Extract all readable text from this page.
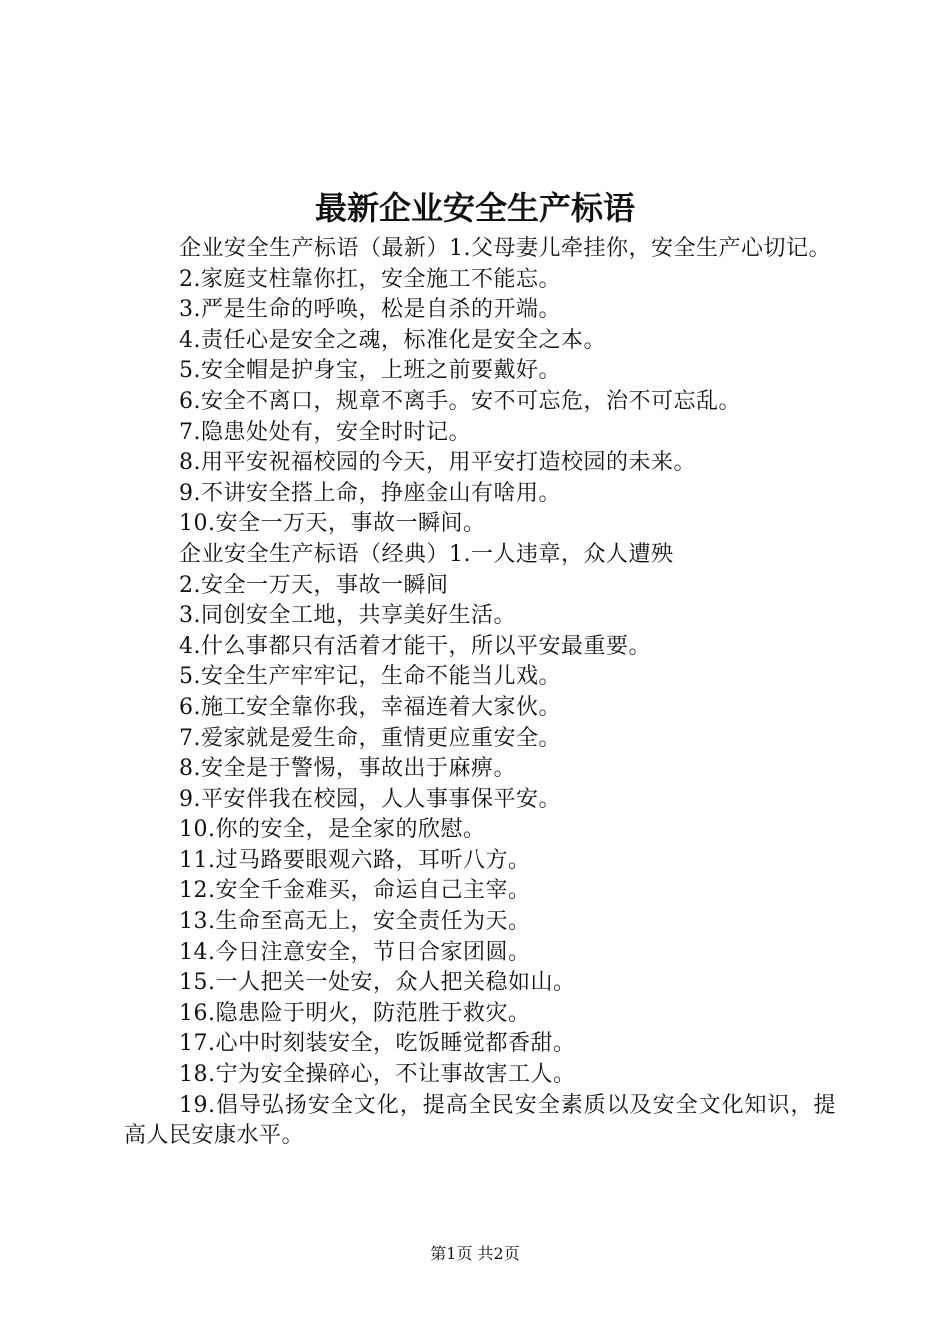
最新企业安全生产标语

企业安全生产标语（最新）1.父母妻儿牵挂你，安全生产心切记。

2.家庭支柱靠你扛，安全施工不能忘。

3.严是生命的呼唤，松是自杀的开端。

4.责任心是安全之魂，标准化是安全之本。

5.安全帽是护身宝，上班之前要戴好。

6.安全不离口，规章不离手。安不可忘危，治不可忘乱。

7.隐患处处有，安全时时记。

8.用平安祝福校园的今天，用平安打造校园的未来。

9.不讲安全搭上命，挣座金山有啥用。

10.安全一万天，事故一瞬间。

企业安全生产标语（经典）1.一人违章，众人遭殃

2.安全一万天，事故一瞬间

3.同创安全工地，共享美好生活。

4.什么事都只有活着才能干，所以平安最重要。

5.安全生产牢牢记，生命不能当儿戏。

6.施工安全靠你我，幸福连着大家伙。

7.爱家就是爱生命，重情更应重安全。

8.安全是于警惕，事故出于麻痹。

9.平安伴我在校园，人人事事保平安。

10.你的安全，是全家的欣慰。

11.过马路要眼观六路，耳听八方。

12.安全千金难买，命运自己主宰。

13.生命至高无上，安全责任为天。

14.今日注意安全，节日合家团圆。

15.一人把关一处安，众人把关稳如山。

16.隐患险于明火，防范胜于救灾。

17.心中时刻装安全，吃饭睡觉都香甜。

18.宁为安全操碎心，不让事故害工人。

19.倡导弘扬安全文化，提高全民安全素质以及安全文化知识，提高人民安康水平。

第1页 共2页
